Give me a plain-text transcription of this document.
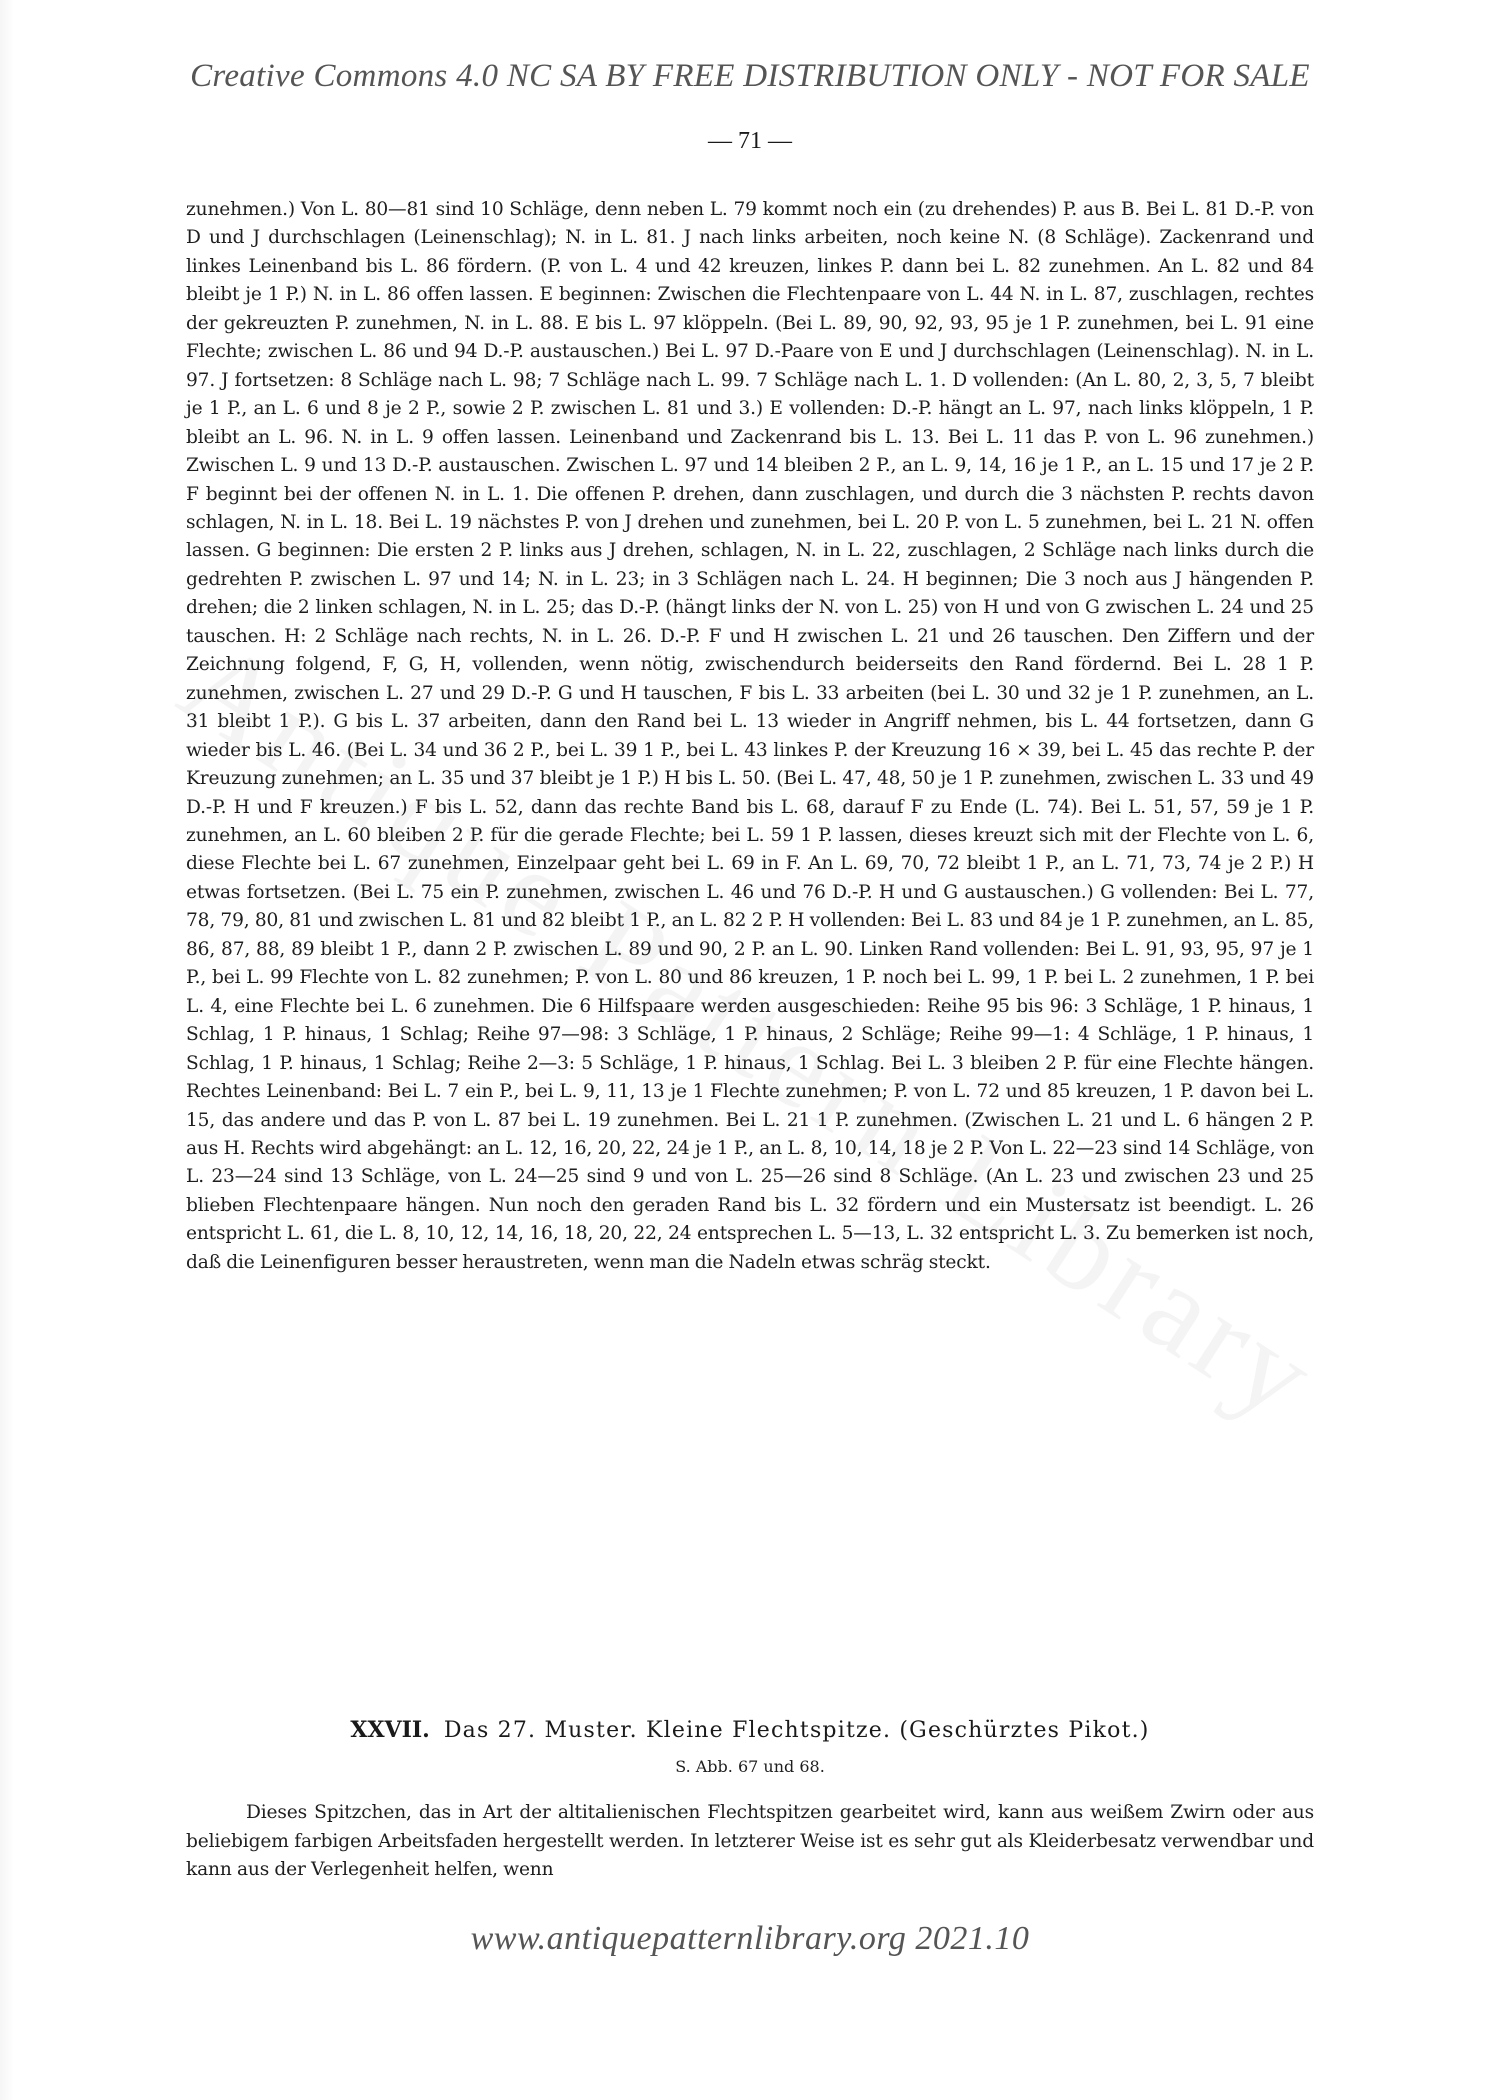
Creative Commons 4.0 NC SA BY FREE DISTRIBUTION ONLY - NOT FOR SALE
— 71 —
zunehmen.) Von L. 80—81 sind 10 Schläge, denn neben L. 79 kommt noch ein (zu drehendes) P. aus B. Bei L. 81 D.-P. von D und J durchschlagen (Leinenschlag); N. in L. 81. J nach links arbeiten, noch keine N. (8 Schläge). Zackenrand und linkes Leinenband bis L. 86 fördern. (P. von L. 4 und 42 kreuzen, linkes P. dann bei L. 82 zunehmen. An L. 82 und 84 bleibt je 1 P.) N. in L. 86 offen lassen. E beginnen: Zwischen die Flechtenpaare von L. 44 N. in L. 87, zuschlagen, rechtes der gekreuzten P. zunehmen, N. in L. 88. E bis L. 97 klöppeln. (Bei L. 89, 90, 92, 93, 95 je 1 P. zunehmen, bei L. 91 eine Flechte; zwischen L. 86 und 94 D.-P. austauschen.) Bei L. 97 D.-Paare von E und J durchschlagen (Leinenschlag). N. in L. 97. J fortsetzen: 8 Schläge nach L. 98; 7 Schläge nach L. 99. 7 Schläge nach L. 1. D vollenden: (An L. 80, 2, 3, 5, 7 bleibt je 1 P., an L. 6 und 8 je 2 P., sowie 2 P. zwischen L. 81 und 3.) E vollenden: D.-P. hängt an L. 97, nach links klöppeln, 1 P. bleibt an L. 96. N. in L. 9 offen lassen. Leinenband und Zackenrand bis L. 13. Bei L. 11 das P. von L. 96 zunehmen.) Zwischen L. 9 und 13 D.-P. austauschen. Zwischen L. 97 und 14 bleiben 2 P., an L. 9, 14, 16 je 1 P., an L. 15 und 17 je 2 P. F beginnt bei der offenen N. in L. 1. Die offenen P. drehen, dann zuschlagen, und durch die 3 nächsten P. rechts davon schlagen, N. in L. 18. Bei L. 19 nächstes P. von J drehen und zunehmen, bei L. 20 P. von L. 5 zunehmen, bei L. 21 N. offen lassen. G beginnen: Die ersten 2 P. links aus J drehen, schlagen, N. in L. 22, zuschlagen, 2 Schläge nach links durch die gedrehten P. zwischen L. 97 und 14; N. in L. 23; in 3 Schlägen nach L. 24. H beginnen; Die 3 noch aus J hängenden P. drehen; die 2 linken schlagen, N. in L. 25; das D.-P. (hängt links der N. von L. 25) von H und von G zwischen L. 24 und 25 tauschen. H: 2 Schläge nach rechts, N. in L. 26. D.-P. F und H zwischen L. 21 und 26 tauschen. Den Ziffern und der Zeichnung folgend, F, G, H, vollenden, wenn nötig, zwischendurch beiderseits den Rand fördernd. Bei L. 28 1 P. zunehmen, zwischen L. 27 und 29 D.-P. G und H tauschen, F bis L. 33 arbeiten (bei L. 30 und 32 je 1 P. zunehmen, an L. 31 bleibt 1 P.). G bis L. 37 arbeiten, dann den Rand bei L. 13 wieder in Angriff nehmen, bis L. 44 fortsetzen, dann G wieder bis L. 46. (Bei L. 34 und 36 2 P., bei L. 39 1 P., bei L. 43 linkes P. der Kreuzung 16 × 39, bei L. 45 das rechte P. der Kreuzung zunehmen; an L. 35 und 37 bleibt je 1 P.) H bis L. 50. (Bei L. 47, 48, 50 je 1 P. zunehmen, zwischen L. 33 und 49 D.-P. H und F kreuzen.) F bis L. 52, dann das rechte Band bis L. 68, darauf F zu Ende (L. 74). Bei L. 51, 57, 59 je 1 P. zunehmen, an L. 60 bleiben 2 P. für die gerade Flechte; bei L. 59 1 P. lassen, dieses kreuzt sich mit der Flechte von L. 6, diese Flechte bei L. 67 zunehmen, Einzelpaar geht bei L. 69 in F. An L. 69, 70, 72 bleibt 1 P., an L. 71, 73, 74 je 2 P.) H etwas fortsetzen. (Bei L. 75 ein P. zunehmen, zwischen L. 46 und 76 D.-P. H und G austauschen.) G vollenden: Bei L. 77, 78, 79, 80, 81 und zwischen L. 81 und 82 bleibt 1 P., an L. 82 2 P. H vollenden: Bei L. 83 und 84 je 1 P. zunehmen, an L. 85, 86, 87, 88, 89 bleibt 1 P., dann 2 P. zwischen L. 89 und 90, 2 P. an L. 90. Linken Rand vollenden: Bei L. 91, 93, 95, 97 je 1 P., bei L. 99 Flechte von L. 82 zunehmen; P. von L. 80 und 86 kreuzen, 1 P. noch bei L. 99, 1 P. bei L. 2 zunehmen, 1 P. bei L. 4, eine Flechte bei L. 6 zunehmen. Die 6 Hilfspaare werden ausgeschieden: Reihe 95 bis 96: 3 Schläge, 1 P. hinaus, 1 Schlag, 1 P. hinaus, 1 Schlag; Reihe 97—98: 3 Schläge, 1 P. hinaus, 2 Schläge; Reihe 99—1: 4 Schläge, 1 P. hinaus, 1 Schlag, 1 P. hinaus, 1 Schlag; Reihe 2—3: 5 Schläge, 1 P. hinaus, 1 Schlag. Bei L. 3 bleiben 2 P. für eine Flechte hängen. Rechtes Leinenband: Bei L. 7 ein P., bei L. 9, 11, 13 je 1 Flechte zunehmen; P. von L. 72 und 85 kreuzen, 1 P. davon bei L. 15, das andere und das P. von L. 87 bei L. 19 zunehmen. Bei L. 21 1 P. zunehmen. (Zwischen L. 21 und L. 6 hängen 2 P. aus H. Rechts wird abgehängt: an L. 12, 16, 20, 22, 24 je 1 P., an L. 8, 10, 14, 18 je 2 P. Von L. 22—23 sind 14 Schläge, von L. 23—24 sind 13 Schläge, von L. 24—25 sind 9 und von L. 25—26 sind 8 Schläge. (An L. 23 und zwischen 23 und 25 blieben Flechtenpaare hängen. Nun noch den geraden Rand bis L. 32 fördern und ein Mustersatz ist beendigt. L. 26 entspricht L. 61, die L. 8, 10, 12, 14, 16, 18, 20, 22, 24 entsprechen L. 5—13, L. 32 entspricht L. 3. Zu bemerken ist noch, daß die Leinenfiguren besser heraustreten, wenn man die Nadeln etwas schräg steckt.
XXVII. Das 27. Muster. Kleine Flechtspitze. (Geschürztes Pikot.)
S. Abb. 67 und 68.
Dieses Spitzchen, das in Art der altitalienischen Flechtspitzen gearbeitet wird, kann aus weißem Zwirn oder aus beliebigem farbigen Arbeitsfaden hergestellt werden. In letzterer Weise ist es sehr gut als Kleiderbesatz verwendbar und kann aus der Verlegenheit helfen, wenn
www.antiquepatternlibrary.org 2021.10
